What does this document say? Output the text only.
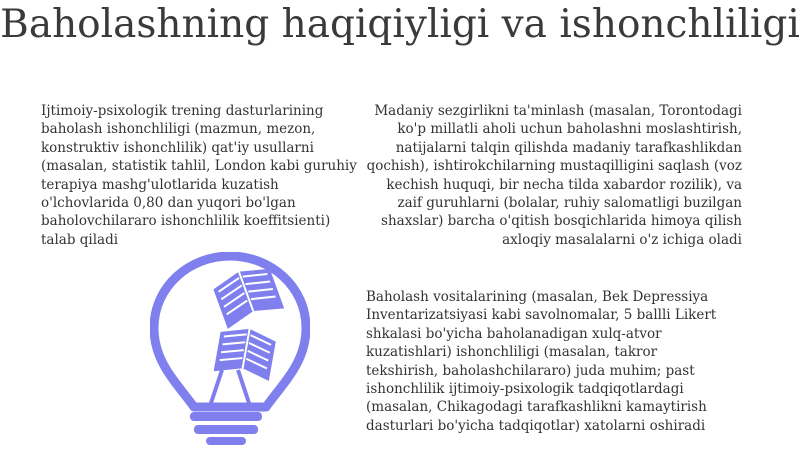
Baholashning haqiqiyligi va ishonchliligi

Ijtimoiy-psixologik trening dasturlarining baholash ishonchliligi (mazmun, mezon, konstruktiv ishonchlilik) qat'iy usullarni (masalan, statistik tahlil, London kabi guruhiy terapiya mashg'ulotlarida kuzatish o'lchovlarida 0,80 dan yuqori bo'lgan baholovchilararo ishonchlilik koeffitsienti) talab qiladi

Madaniy sezgirlikni ta'minlash (masalan, Torontodagi ko'p millatli aholi uchun baholashni moslashtirish, natijalarni talqin qilishda madaniy tarafkashlikdan qochish), ishtirokchilarning mustaqilligini saqlash (voz kechish huquqi, bir necha tilda xabardor rozilik), va zaif guruhlarni (bolalar, ruhiy salomatligi buzilgan shaxslar) barcha o'qitish bosqichlarida himoya qilish axloqiy masalalarni o'z ichiga oladi

Baholash vositalarining (masalan, Bek Depressiya Inventarizatsiyasi kabi savolnomalar, 5 ballli Likert shkalasi bo'yicha baholanadigan xulq-atvor kuzatishlari) ishonchliligi (masalan, takror tekshirish, baholashchilararo) juda muhim; past ishonchlilik ijtimoiy-psixologik tadqiqotlardagi (masalan, Chikagodagi tarafkashlikni kamaytirish dasturlari bo'yicha tadqiqotlar) xatolarni oshiradi
